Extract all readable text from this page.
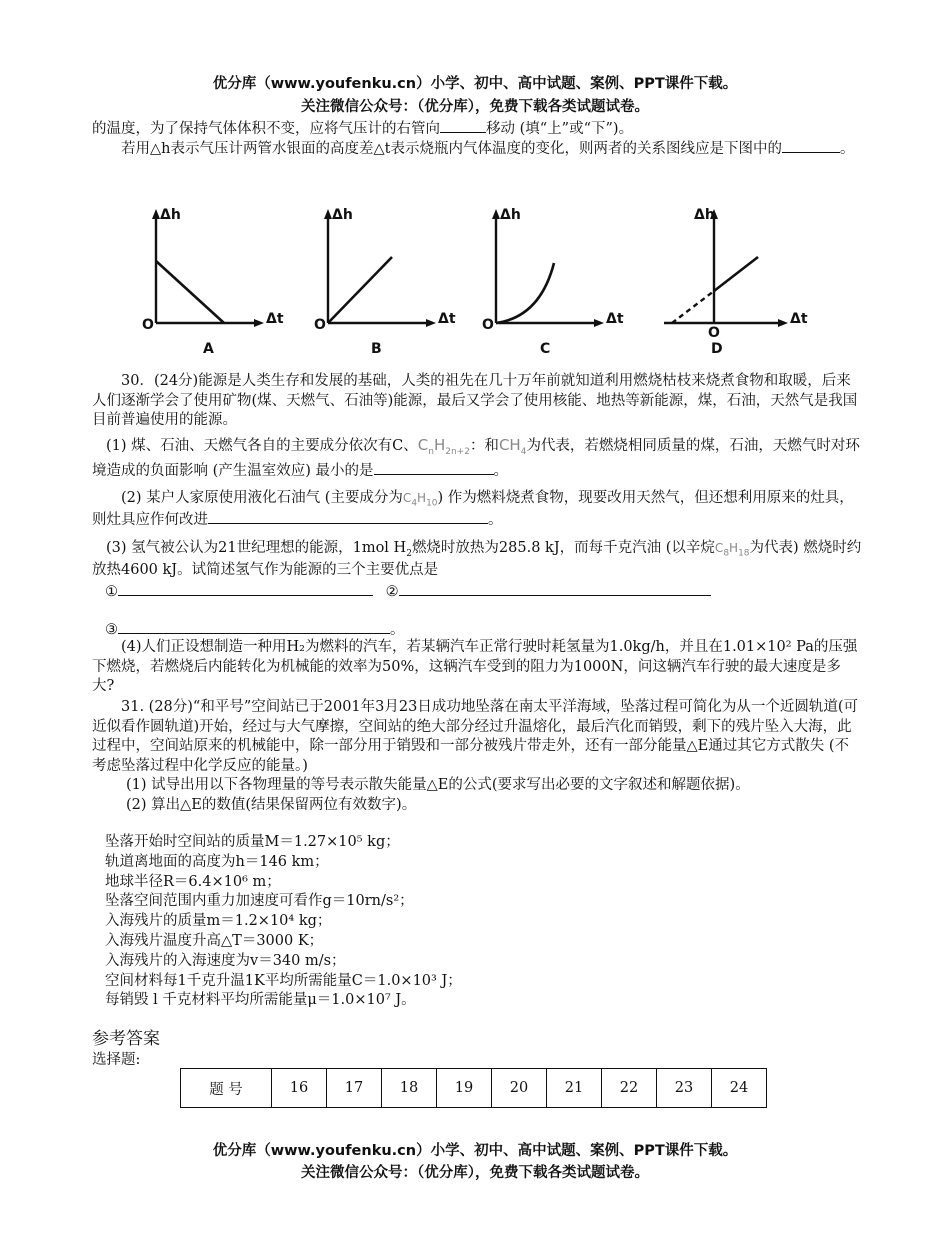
优分库（www.youfenku.cn）小学、初中、高中试题、案例、PPT课件下载。
关注微信公众号：（优分库），免费下载各类试题试卷。
的温度，为了保持气体体积不变，应将气压计的右管向	移动 (填“上”或“下”)。
若用△h表示气压计两管水银面的高度差△t表示烧瓶内气体温度的变化，则两者的关系图线应是下图中的	。
Δh
Δt
O
A
Δh
Δt
O
B
Δh
Δt
O
C
Δh
Δt
O
D
30．(24分)能源是人类生存和发展的基础，人类的祖先在几十万年前就知道利用燃烧枯枝来烧煮食物和取暖，后来人们逐渐学会了使用矿物(煤、天燃气、石油等)能源，最后又学会了使用核能、地热等新能源，煤，石油，天然气是我国目前普遍使用的能源。
(1) 煤、石油、天燃气各自的主要成分依次有C、$C_nH_{2n+2}$：和$CH_4$为代表，若燃烧相同质量的煤，石油，天燃气时对环境造成的负面影响 (产生温室效应) 最小的是	。
(2) 某户人家原使用液化石油气 (主要成分为$C_4H_{10}$) 作为燃料烧煮食物，现要改用天然气，但还想利用原来的灶具，则灶具应作何改进	。
(3) 氢气被公认为21世纪理想的能源，1mol $H_2$燃烧时放热为285.8 kJ，而每千克汽油 (以辛烷$C_8H_{18}$为代表) 燃烧时约放热4600 kJ。试简述氢气作为能源的三个主要优点是
①	②
③	。
(4)人们正设想制造一种用H₂为燃料的汽车，若某辆汽车正常行驶时耗氢量为1.0kg/h，并且在1.01×10² Pa的压强下燃烧，若燃烧后内能转化为机械能的效率为50%，这辆汽车受到的阻力为1000N，问这辆汽车行驶的最大速度是多大?
31. (28分)“和平号”空间站已于2001年3月23日成功地坠落在南太平洋海域，坠落过程可简化为从一个近圆轨道(可近似看作圆轨道)开始，经过与大气摩擦，空间站的绝大部分经过升温熔化，最后汽化而销毁，剩下的残片坠入大海，此过程中，空间站原来的机械能中，除一部分用于销毁和一部分被残片带走外，还有一部分能量△E通过其它方式散失 (不考虑坠落过程中化学反应的能量。)
(1) 试导出用以下各物理量的等号表示散失能量△E的公式(要求写出必要的文字叙述和解题依据)。
(2) 算出△E的数值(结果保留两位有效数字)。
坠落开始时空间站的质量M＝1.27×10⁵ kg；
轨道离地面的高度为h＝146 km；
地球半径R＝6.4×10⁶ m；
坠落空间范围内重力加速度可看作g＝10rn/s²；
入海残片的质量m＝1.2×10⁴ kg；
入海残片温度升高△T＝3000 K；
入海残片的入海速度为v＝340 m/s；
空间材料每1千克升温1K平均所需能量C＝1.0×10³ J；
每销毁 l 千克材料平均所需能量μ＝1.0×10⁷ J。
参考答案
选择题:
题 号	16	17	18	19	20	21	22	23	24
优分库（www.youfenku.cn）小学、初中、高中试题、案例、PPT课件下载。
关注微信公众号：（优分库），免费下载各类试题试卷。
